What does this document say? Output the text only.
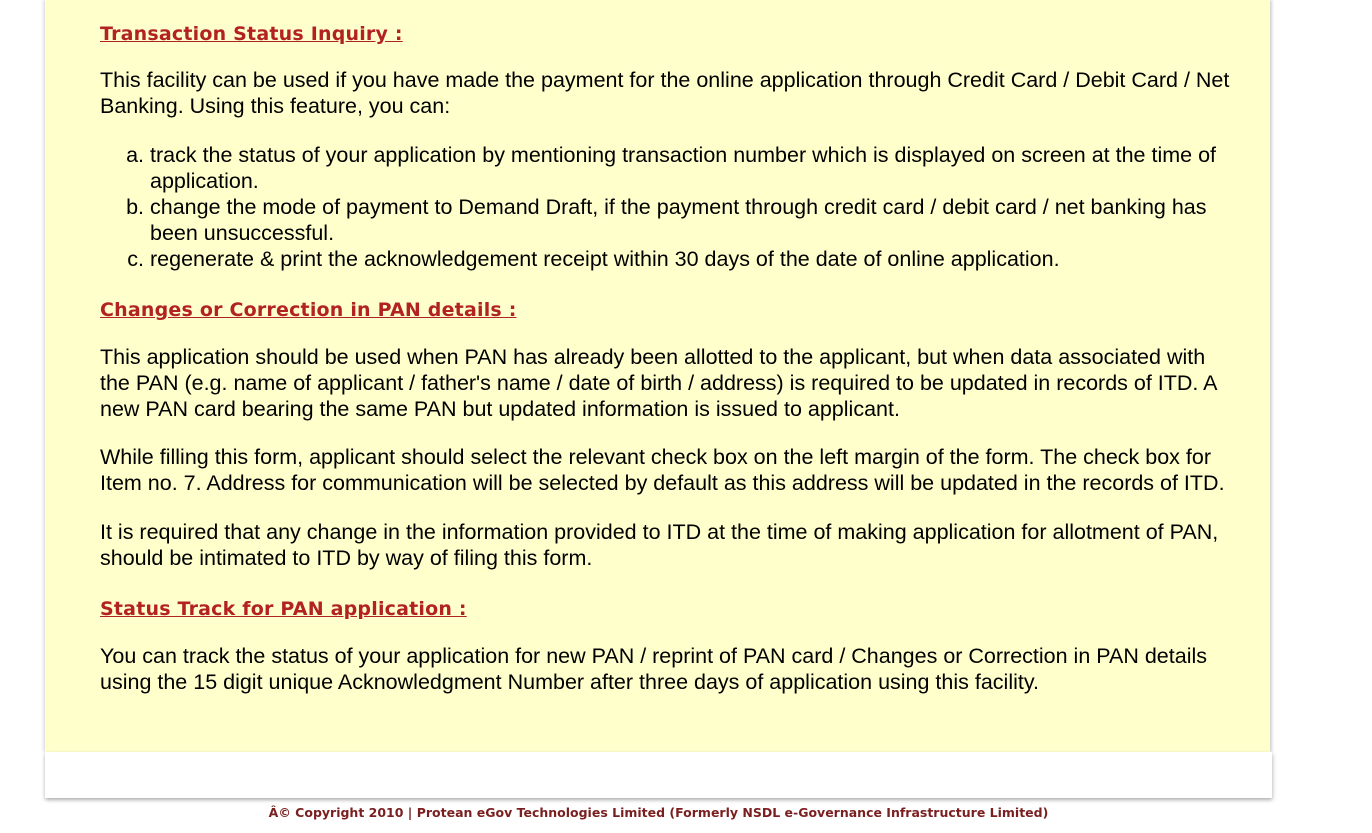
Transaction Status Inquiry :

This facility can be used if you have made the payment for the online application through Credit Card / Debit Card / Net Banking. Using this feature, you can:

a. track the status of your application by mentioning transaction number which is displayed on screen at the time of application.
b. change the mode of payment to Demand Draft, if the payment through credit card / debit card / net banking has been unsuccessful.
c. regenerate & print the acknowledgement receipt within 30 days of the date of online application.
Changes or Correction in PAN details :

This application should be used when PAN has already been allotted to the applicant, but when data associated with the PAN (e.g. name of applicant / father's name / date of birth / address) is required to be updated in records of ITD. A new PAN card bearing the same PAN but updated information is issued to applicant.

While filling this form, applicant should select the relevant check box on the left margin of the form. The check box for Item no. 7. Address for communication will be selected by default as this address will be updated in the records of ITD.

It is required that any change in the information provided to ITD at the time of making application for allotment of PAN, should be intimated to ITD by way of filing this form.

Status Track for PAN application :

You can track the status of your application for new PAN / reprint of PAN card / Changes or Correction in PAN details using the 15 digit unique Acknowledgment Number after three days of application using this facility.

Â© Copyright 2010 | Protean eGov Technologies Limited (Formerly NSDL e-Governance Infrastructure Limited)
